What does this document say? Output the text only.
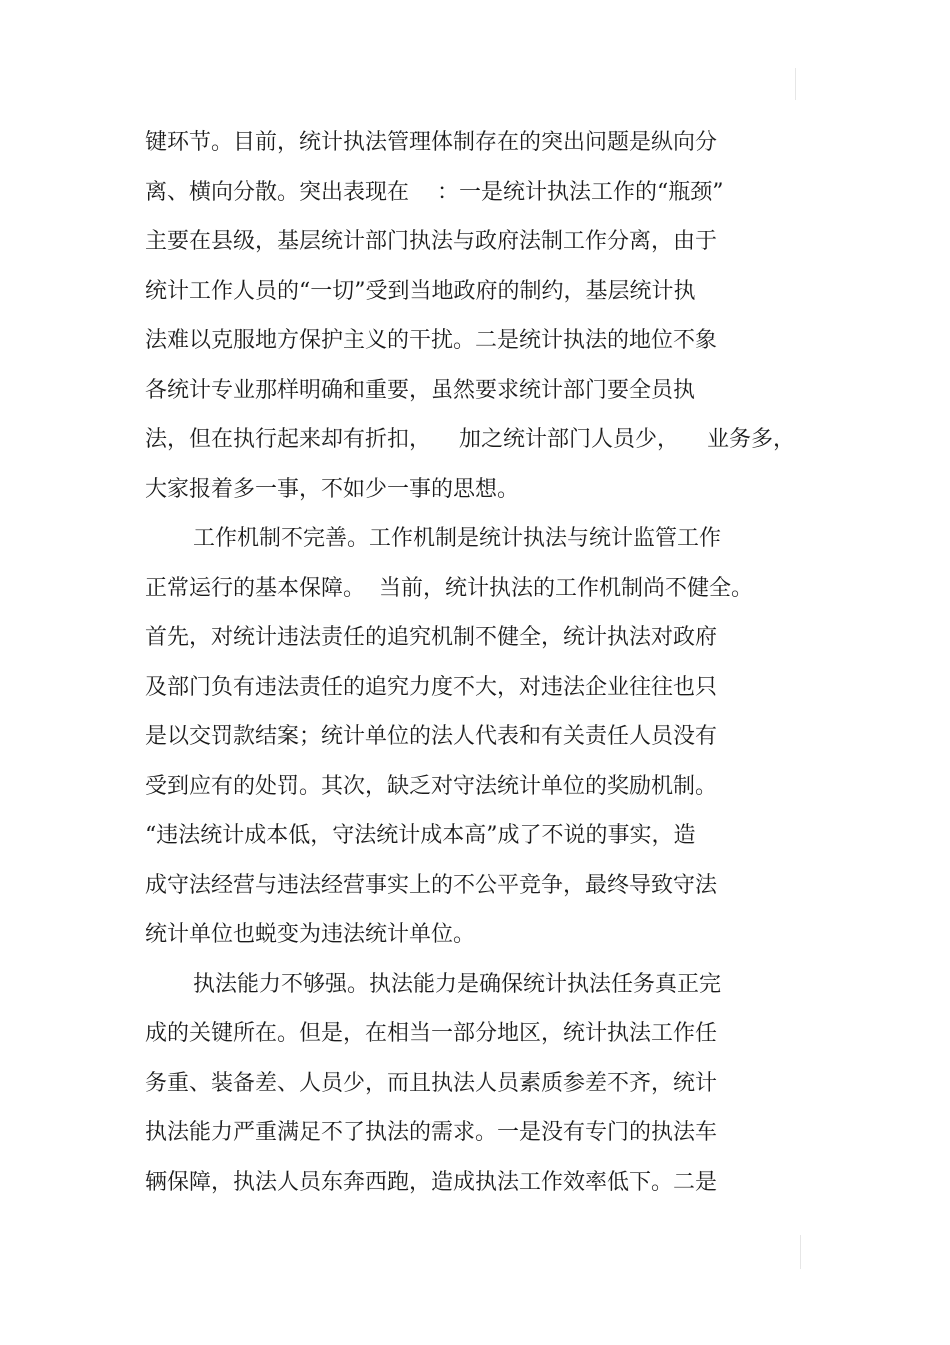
键环节。目前，统计执法管理体制存在的突出问题是纵向分
离、横向分散。突出表现在    ：一是统计执法工作的“瓶颈”
主要在县级，基层统计部门执法与政府法制工作分离，由于
统计工作人员的“一切”受到当地政府的制约，基层统计执
法难以克服地方保护主义的干扰。二是统计执法的地位不象
各统计专业那样明确和重要，虽然要求统计部门要全员执
法，但在执行起来却有折扣，    加之统计部门人员少，    业务多，
大家报着多一事，不如少一事的思想。
工作机制不完善。工作机制是统计执法与统计监管工作
正常运行的基本保障。  当前，统计执法的工作机制尚不健全。
首先，对统计违法责任的追究机制不健全，统计执法对政府
及部门负有违法责任的追究力度不大，对违法企业往往也只
是以交罚款结案；统计单位的法人代表和有关责任人员没有
受到应有的处罚。其次，缺乏对守法统计单位的奖励机制。
“违法统计成本低，守法统计成本高”成了不说的事实，造
成守法经营与违法经营事实上的不公平竞争，最终导致守法
统计单位也蜕变为违法统计单位。
执法能力不够强。执法能力是确保统计执法任务真正完
成的关键所在。但是，在相当一部分地区，统计执法工作任
务重、装备差、人员少，而且执法人员素质参差不齐，统计
执法能力严重满足不了执法的需求。一是没有专门的执法车
辆保障，执法人员东奔西跑，造成执法工作效率低下。二是
